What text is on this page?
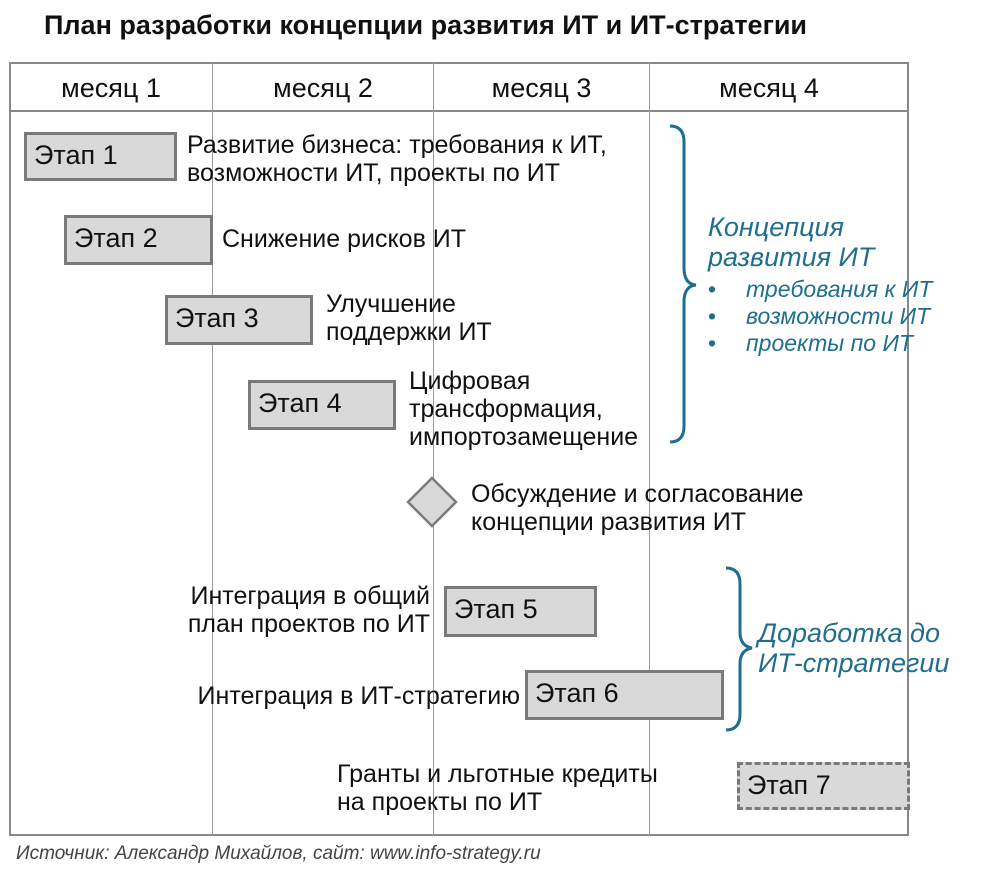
План разработки концепции развития ИТ и ИТ-стратегии
месяц 1	месяц 2	месяц 3	месяц 4
Этап 1	Развитие бизнеса: требования к ИТ,
возможности ИТ, проекты по ИТ
Этап 2	Снижение рисков ИТ
Этап 3	Улучшение
поддержки ИТ
Этап 4
Цифровая
трансформация,
импортозамещение
Обсуждение и согласование
концепции развития ИТ
Интеграция в общий
план проектов по ИТ Этап 5
Интеграция в ИТ-стратегию Этап 6
Гранты и льготные кредиты
на проекты по ИТ
Этап 7
Концепция
развития ИТ
• требования к ИТ
• возможности ИТ
• проекты по ИТ
Доработка до
ИТ-стратегии
Источник: Александр Михайлов, сайт: www.info-strategy.ru
